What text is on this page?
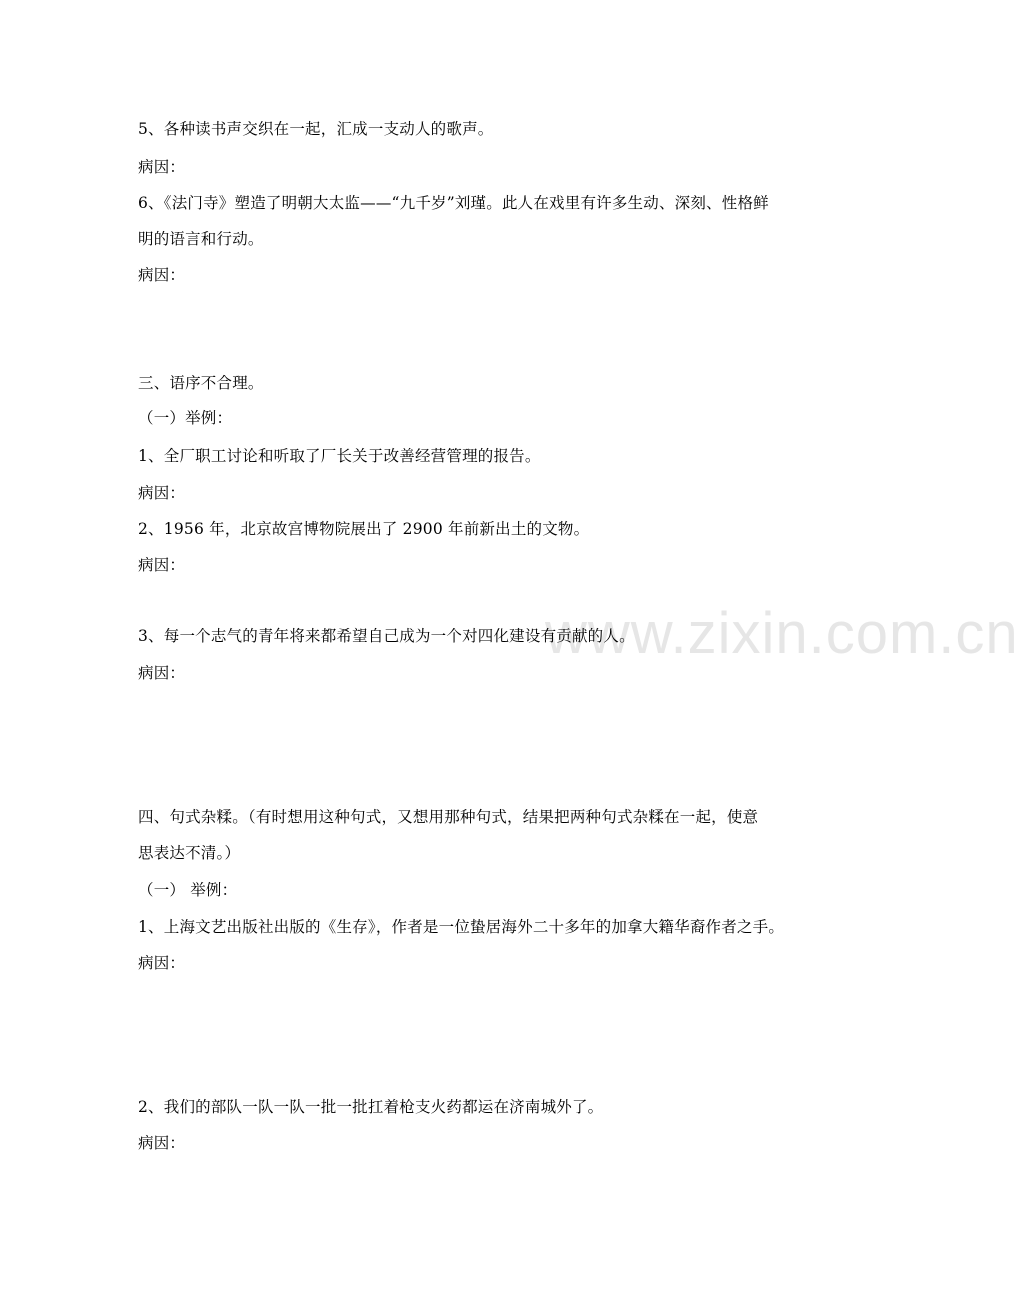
www.zixin.com.cn
5、各种读书声交织在一起，汇成一支动人的歌声。
病因：
6、《法门寺》塑造了明朝大太监——“九千岁”刘瑾。此人在戏里有许多生动、深刻、性格鲜
明的语言和行动。
病因：
三、语序不合理。
（一）举例：
1、全厂职工讨论和听取了厂长关于改善经营管理的报告。
病因：
2、1956 年，北京故宫博物院展出了 2900 年前新出土的文物。
病因：
3、每一个志气的青年将来都希望自己成为一个对四化建设有贡献的人。
病因：
四、句式杂糅。（有时想用这种句式，又想用那种句式，结果把两种句式杂糅在一起，使意
思表达不清。）
（一） 举例：
1、上海文艺出版社出版的《生存》，作者是一位蛰居海外二十多年的加拿大籍华裔作者之手。
病因：
2、我们的部队一队一队一批一批扛着枪支火药都运在济南城外了。
病因：
